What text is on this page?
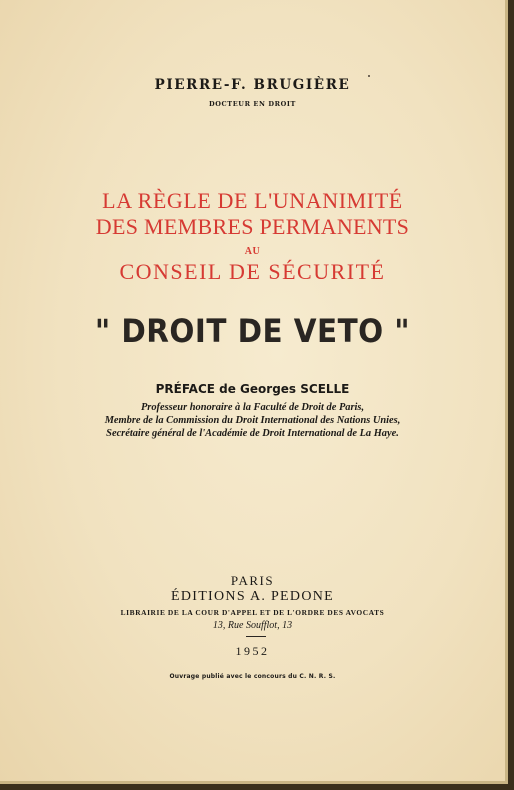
PIERRE-F. BRUGIÈRE
DOCTEUR EN DROIT
LA RÈGLE DE L'UNANIMITÉ
DES MEMBRES PERMANENTS
AU
CONSEIL DE SÉCURITÉ
" DROIT DE VETO "
PRÉFACE de Georges SCELLE
Professeur honoraire à la Faculté de Droit de Paris,
Membre de la Commission du Droit International des Nations Unies,
Secrétaire général de l'Académie de Droit International de La Haye.
PARIS
ÉDITIONS A. PEDONE
LIBRAIRIE DE LA COUR D'APPEL ET DE L'ORDRE DES AVOCATS
13, Rue Soufflot, 13
1952
Ouvrage publié avec le concours du C. N. R. S.
